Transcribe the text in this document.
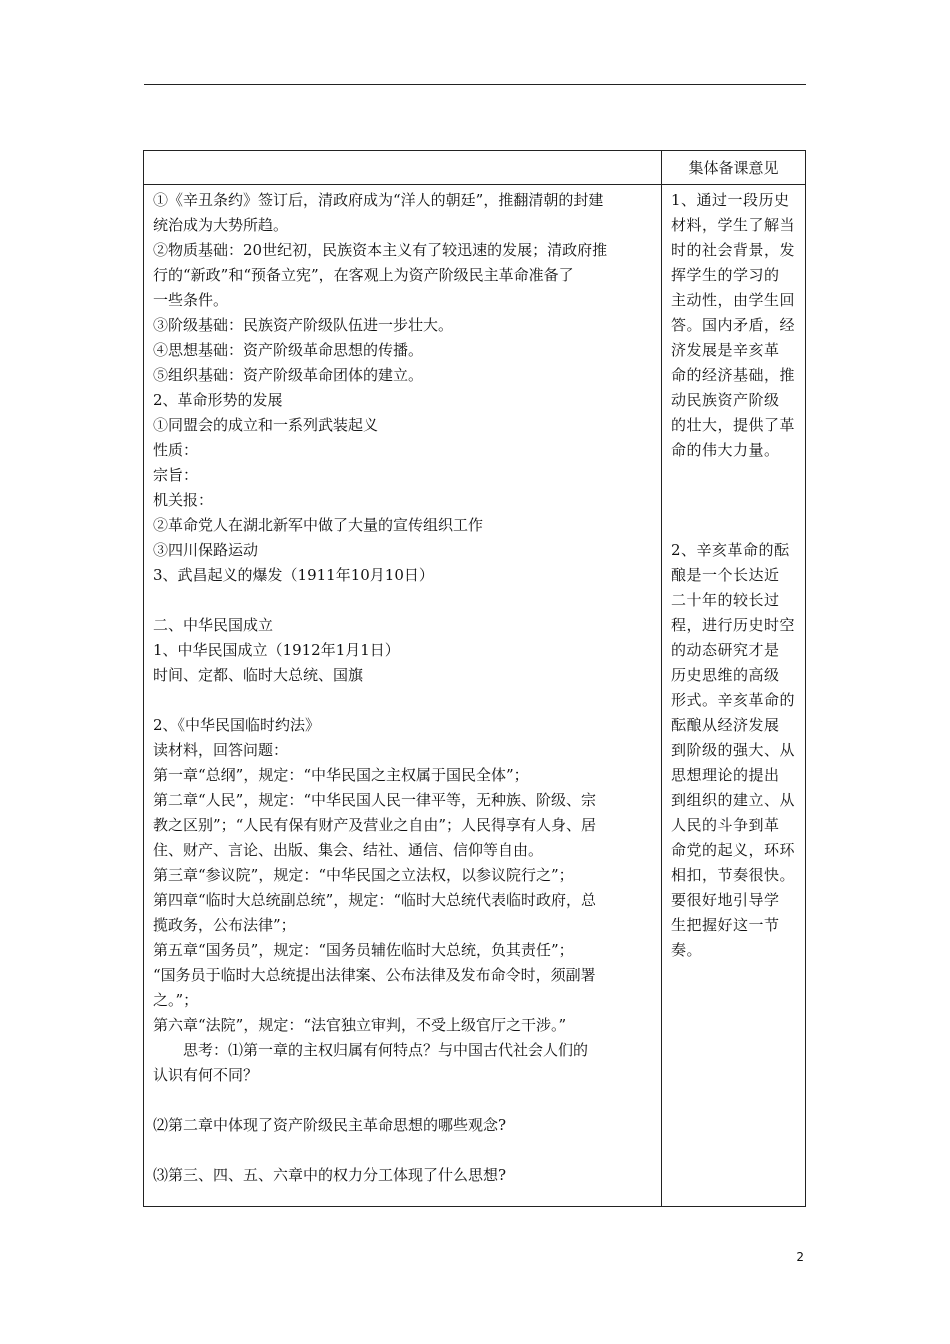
集体备课意见

①《辛丑条约》签订后，清政府成为“洋人的朝廷”，推翻清朝的封建

统治成为大势所趋。

②物质基础：20世纪初，民族资本主义有了较迅速的发展；清政府推

行的“新政”和“预备立宪”，在客观上为资产阶级民主革命准备了

一些条件。

③阶级基础：民族资产阶级队伍进一步壮大。

④思想基础：资产阶级革命思想的传播。

⑤组织基础：资产阶级革命团体的建立。

2、革命形势的发展

①同盟会的成立和一系列武装起义

性质：

宗旨：

机关报：

②革命党人在湖北新军中做了大量的宣传组织工作

③四川保路运动

3、武昌起义的爆发（1911年10月10日）

二、中华民国成立

1、中华民国成立（1912年1月1日）

时间、定都、临时大总统、国旗

2、《中华民国临时约法》

读材料，回答问题：

第一章“总纲”，规定：“中华民国之主权属于国民全体”；

第二章“人民”，规定：“中华民国人民一律平等，无种族、阶级、宗

教之区别”；“人民有保有财产及营业之自由”；人民得享有人身、居

住、财产、言论、出版、集会、结社、通信、信仰等自由。

第三章“参议院”，规定：“中华民国之立法权，以参议院行之”；

第四章“临时大总统副总统”，规定：“临时大总统代表临时政府，总

揽政务，公布法律”；

第五章“国务员”，规定：“国务员辅佐临时大总统，负其责任”；

“国务员于临时大总统提出法律案、公布法律及发布命令时，须副署

之。”；

第六章“法院”，规定：“法官独立审判，不受上级官厅之干涉。”

　　思考：⑴第一章的主权归属有何特点？与中国古代社会人们的

认识有何不同？

⑵第二章中体现了资产阶级民主革命思想的哪些观念?

⑶第三、四、五、六章中的权力分工体现了什么思想?

1、通过一段历史

材料，学生了解当

时的社会背景，发

挥学生的学习的

主动性，由学生回

答。国内矛盾，经

济发展是辛亥革

命的经济基础，推

动民族资产阶级

的壮大，提供了革

命的伟大力量。

2、辛亥革命的酝

酿是一个长达近

二十年的较长过

程，进行历史时空

的动态研究才是

历史思维的高级

形式。辛亥革命的

酝酿从经济发展

到阶级的强大、从

思想理论的提出

到组织的建立、从

人民的斗争到革

命党的起义，环环

相扣，节奏很快。

要很好地引导学

生把握好这一节

奏。

2
